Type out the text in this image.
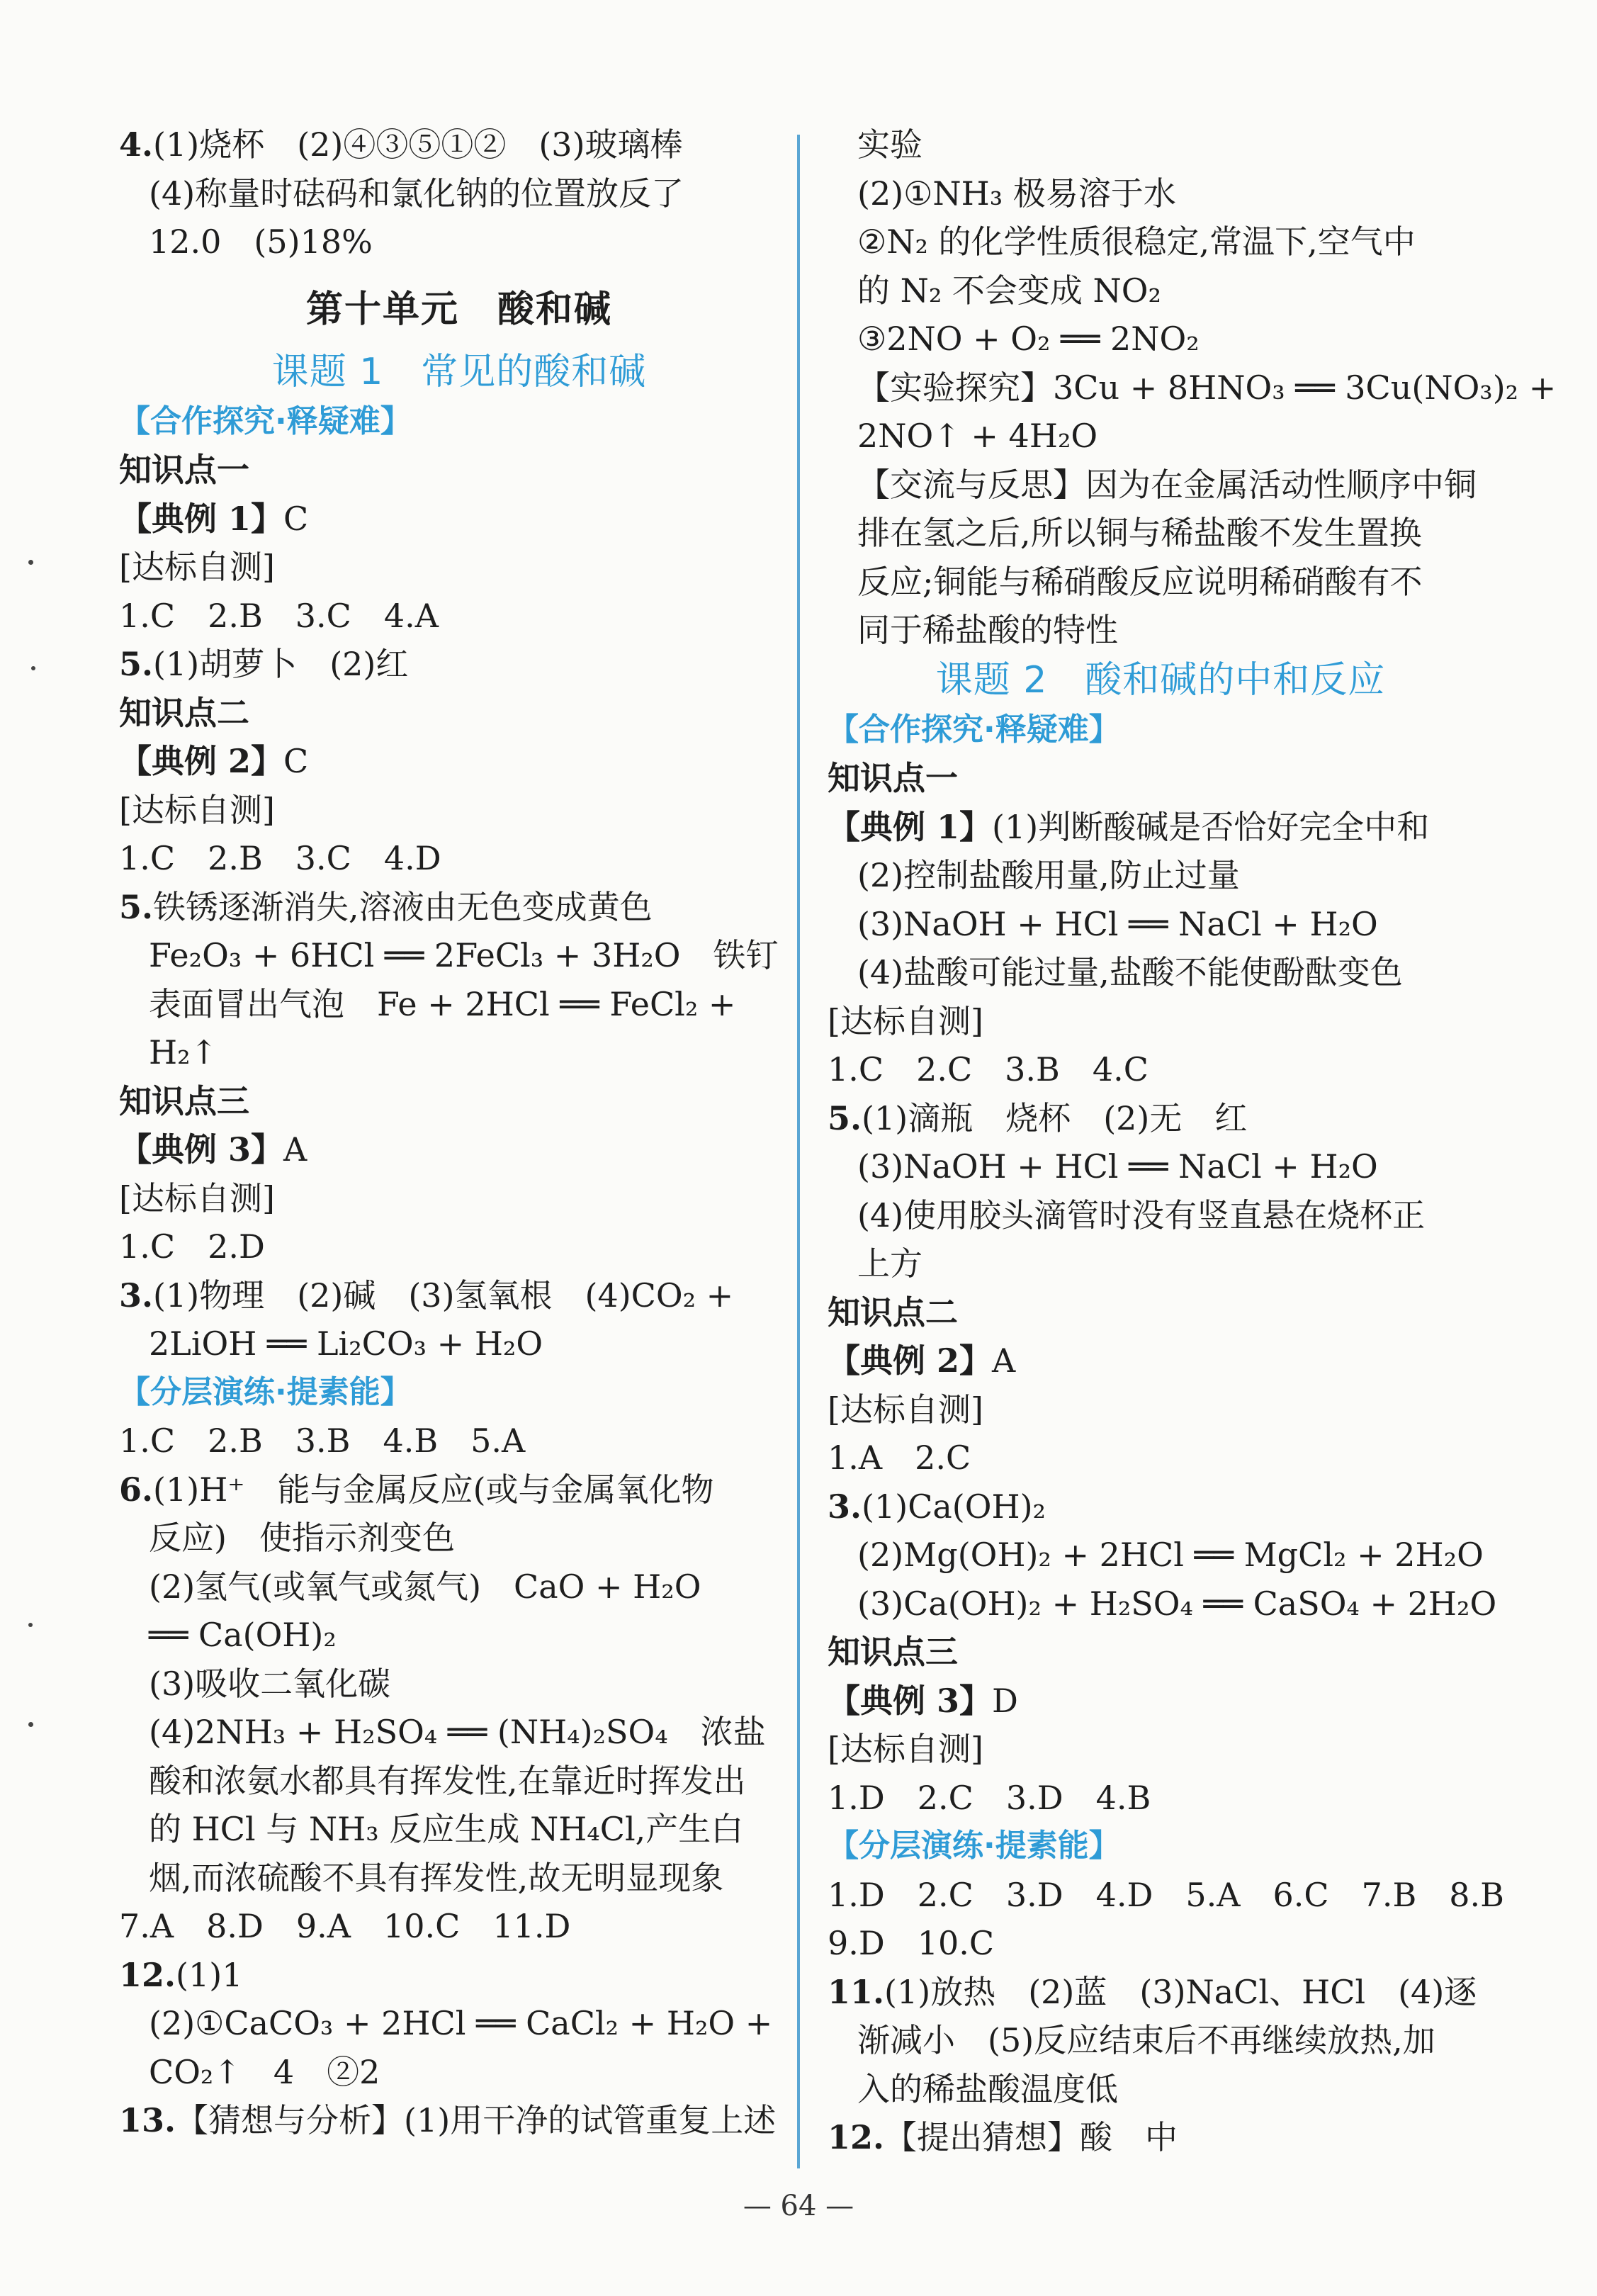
4.(1)烧杯　(2)④③⑤①②　(3)玻璃棒
(4)称量时砝码和氯化钠的位置放反了
12.0　(5)18%
第十单元　酸和碱
课题 1　常见的酸和碱
【合作探究·释疑难】
知识点一
【典例 1】C
[达标自测]
1.C　2.B　3.C　4.A
5.(1)胡萝卜　(2)红
知识点二
【典例 2】C
[达标自测]
1.C　2.B　3.C　4.D
5.铁锈逐渐消失,溶液由无色变成黄色
Fe₂O₃ + 6HCl ══ 2FeCl₃ + 3H₂O　铁钉
表面冒出气泡　Fe + 2HCl ══ FeCl₂ +
H₂↑
知识点三
【典例 3】A
[达标自测]
1.C　2.D
3.(1)物理　(2)碱　(3)氢氧根　(4)CO₂ +
2LiOH ══ Li₂CO₃ + H₂O
【分层演练·提素能】
1.C　2.B　3.B　4.B　5.A
6.(1)H⁺　能与金属反应(或与金属氧化物
反应)　使指示剂变色
(2)氢气(或氧气或氮气)　CaO + H₂O
══ Ca(OH)₂
(3)吸收二氧化碳
(4)2NH₃ + H₂SO₄ ══ (NH₄)₂SO₄　浓盐
酸和浓氨水都具有挥发性,在靠近时挥发出
的 HCl 与 NH₃ 反应生成 NH₄Cl,产生白
烟,而浓硫酸不具有挥发性,故无明显现象
7.A　8.D　9.A　10.C　11.D
12.(1)1
(2)①CaCO₃ + 2HCl ══ CaCl₂ + H₂O +
CO₂↑　4　②2
13.【猜想与分析】(1)用干净的试管重复上述
实验
(2)①NH₃ 极易溶于水
②N₂ 的化学性质很稳定,常温下,空气中
的 N₂ 不会变成 NO₂
③2NO + O₂ ══ 2NO₂
【实验探究】3Cu + 8HNO₃ ══ 3Cu(NO₃)₂ +
2NO↑ + 4H₂O
【交流与反思】因为在金属活动性顺序中铜
排在氢之后,所以铜与稀盐酸不发生置换
反应;铜能与稀硝酸反应说明稀硝酸有不
同于稀盐酸的特性
课题 2　酸和碱的中和反应
【合作探究·释疑难】
知识点一
【典例 1】(1)判断酸碱是否恰好完全中和
(2)控制盐酸用量,防止过量
(3)NaOH + HCl ══ NaCl + H₂O
(4)盐酸可能过量,盐酸不能使酚酞变色
[达标自测]
1.C　2.C　3.B　4.C
5.(1)滴瓶　烧杯　(2)无　红
(3)NaOH + HCl ══ NaCl + H₂O
(4)使用胶头滴管时没有竖直悬在烧杯正
上方
知识点二
【典例 2】A
[达标自测]
1.A　2.C
3.(1)Ca(OH)₂
(2)Mg(OH)₂ + 2HCl ══ MgCl₂ + 2H₂O
(3)Ca(OH)₂ + H₂SO₄ ══ CaSO₄ + 2H₂O
知识点三
【典例 3】D
[达标自测]
1.D　2.C　3.D　4.B
【分层演练·提素能】
1.D　2.C　3.D　4.D　5.A　6.C　7.B　8.B
9.D　10.C
11.(1)放热　(2)蓝　(3)NaCl、HCl　(4)逐
渐减小　(5)反应结束后不再继续放热,加
入的稀盐酸温度低
12.【提出猜想】酸　中
— 64 —
